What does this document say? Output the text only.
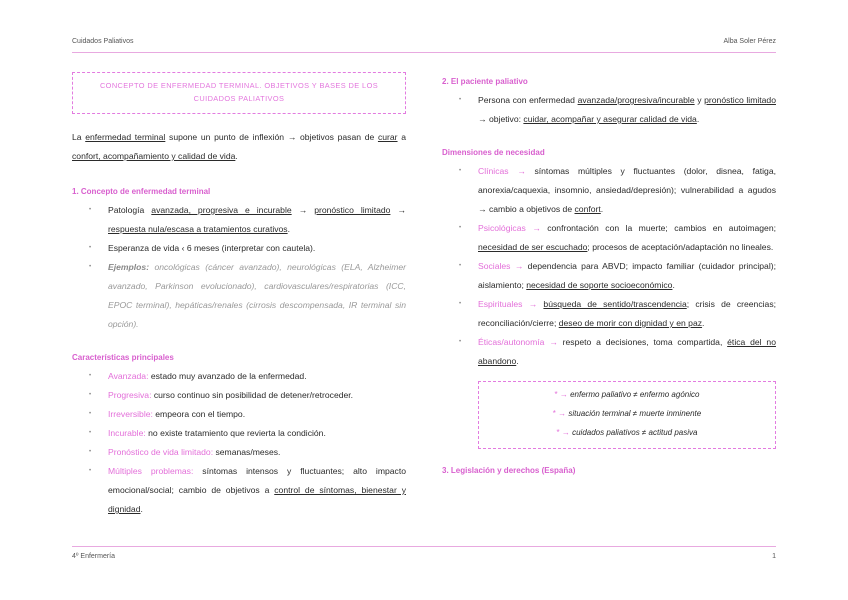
Cuidados Paliativos	Alba Soler Pérez
CONCEPTO DE ENFERMEDAD TERMINAL. OBJETIVOS Y BASES DE LOS CUIDADOS PALIATIVOS

La enfermedad terminal supone un punto de inflexión → objetivos pasan de curar a confort, acompañamiento y calidad de vida.

1. Concepto de enfermedad terminal
• Patología avanzada, progresiva e incurable → pronóstico limitado → respuesta nula/escasa a tratamientos curativos.
• Esperanza de vida ‹ 6 meses (interpretar con cautela).
• Ejemplos: oncológicas (cáncer avanzado), neurológicas (ELA, Alzheimer avanzado, Parkinson evolucionado), cardiovasculares/respiratorias (ICC, EPOC terminal), hepáticas/renales (cirrosis descompensada, IR terminal sin opción).
Características principales
• Avanzada: estado muy avanzado de la enfermedad.
• Progresiva: curso continuo sin posibilidad de detener/retroceder.
• Irreversible: empeora con el tiempo.
• Incurable: no existe tratamiento que revierta la condición.
• Pronóstico de vida limitado: semanas/meses.
• Múltiples problemas: síntomas intensos y fluctuantes; alto impacto emocional/social; cambio de objetivos a control de síntomas, bienestar y dignidad.
2. El paciente paliativo
• Persona con enfermedad avanzada/progresiva/incurable y pronóstico limitado → objetivo: cuidar, acompañar y asegurar calidad de vida.
Dimensiones de necesidad
• Clínicas → síntomas múltiples y fluctuantes (dolor, disnea, fatiga, anorexia/caquexia, insomnio, ansiedad/depresión); vulnerabilidad a agudos → cambio a objetivos de confort.
• Psicológicas → confrontación con la muerte; cambios en autoimagen; necesidad de ser escuchado; procesos de aceptación/adaptación no lineales.
• Sociales → dependencia para ABVD; impacto familiar (cuidador principal); aislamiento; necesidad de soporte socioeconómico.
• Espirituales → búsqueda de sentido/trascendencia; crisis de creencias; reconciliación/cierre; deseo de morir con dignidad y en paz.
• Éticas/autonomía → respeto a decisiones, toma compartida, ética del no abandono.
* → enfermo paliativo ≠ enfermo agónico
* → situación terminal ≠ muerte inminente
* → cuidados paliativos ≠ actitud pasiva
3. Legislación y derechos (España)
4º Enfermería	1
